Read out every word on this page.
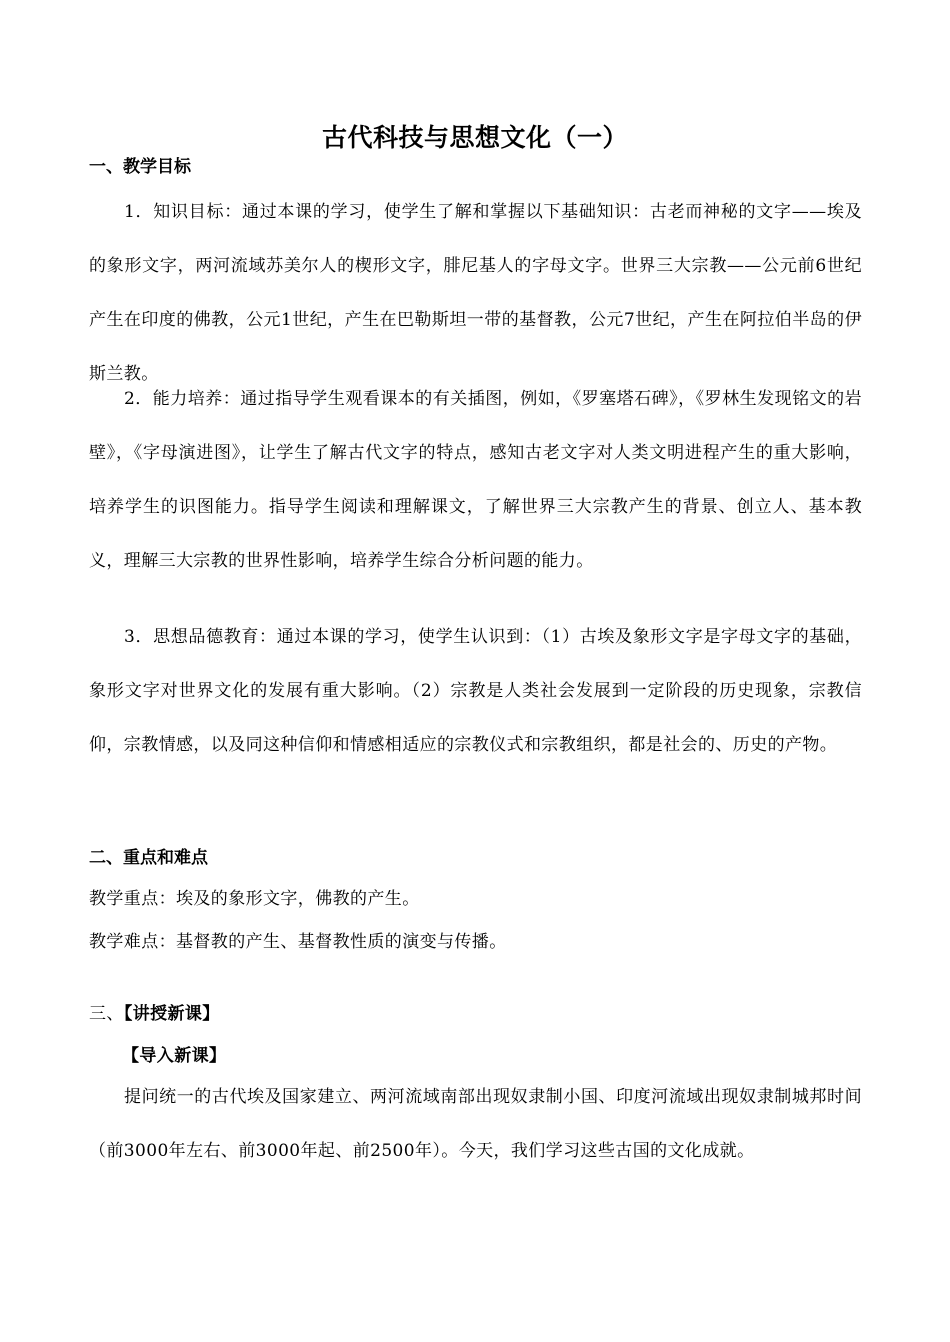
古代科技与思想文化（一）
一、教学目标
1．知识目标：通过本课的学习，使学生了解和掌握以下基础知识：古老而神秘的文字——埃及的象形文字，两河流域苏美尔人的楔形文字，腓尼基人的字母文字。世界三大宗教——公元前6世纪产生在印度的佛教，公元1世纪，产生在巴勒斯坦一带的基督教，公元7世纪，产生在阿拉伯半岛的伊斯兰教。
2．能力培养：通过指导学生观看课本的有关插图，例如，《罗塞塔石碑》，《罗林生发现铭文的岩壁》，《字母演进图》，让学生了解古代文字的特点，感知古老文字对人类文明进程产生的重大影响，培养学生的识图能力。指导学生阅读和理解课文，了解世界三大宗教产生的背景、创立人、基本教义，理解三大宗教的世界性影响，培养学生综合分析问题的能力。
3．思想品德教育：通过本课的学习，使学生认识到：（1）古埃及象形文字是字母文字的基础，象形文字对世界文化的发展有重大影响。（2）宗教是人类社会发展到一定阶段的历史现象，宗教信仰，宗教情感，以及同这种信仰和情感相适应的宗教仪式和宗教组织，都是社会的、历史的产物。
二、重点和难点
教学重点：埃及的象形文字，佛教的产生。
教学难点：基督教的产生、基督教性质的演变与传播。
三、【讲授新课】
【导入新课】
提问统一的古代埃及国家建立、两河流域南部出现奴隶制小国、印度河流域出现奴隶制城邦时间（前3000年左右、前3000年起、前2500年）。今天，我们学习这些古国的文化成就。
